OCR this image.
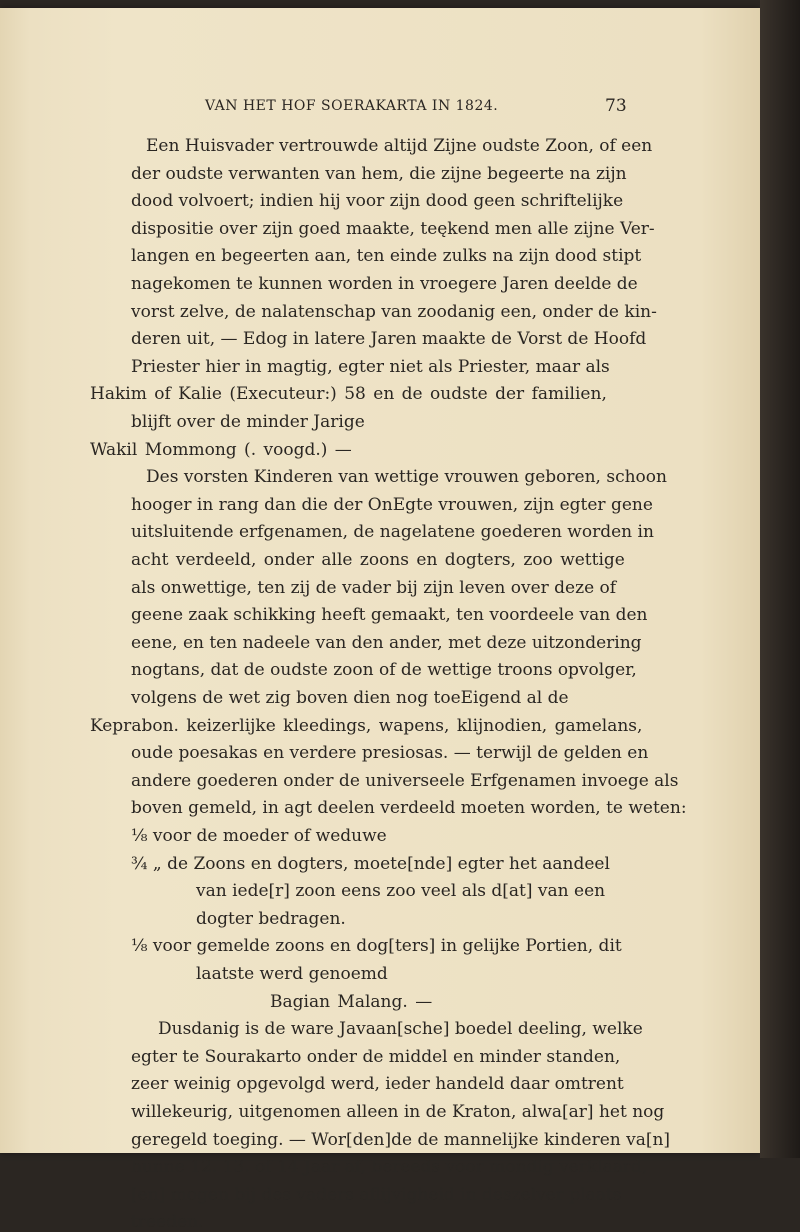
VAN HET HOF SOERAKARTA IN 1824.	73
Een Huisvader vertrouwde altijd Zijne oudste Zoon, of een
der oudste verwanten van hem, die zijne begeerte na zijn
dood volvoert; indien hij voor zijn dood geen schriftelijke
dispositie over zijn goed maakte, teękend men alle zijne Ver-
langen en begeerten aan, ten einde zulks na zijn dood stipt
nagekomen te kunnen worden in vroegere Jaren deelde de
vorst zelve, de nalatenschap van zoodanig een, onder de kin-
deren uit, — Edog in latere Jaren maakte de Vorst de Hoofd
Priester hier in magtig, egter niet als Priester, maar als
Hakim of Kalie (Executeur:) 58 en de oudste der familien,
blijft over de minder Jarige
Wakil Mommong (. voogd.) —
Des vorsten Kinderen van wettige vrouwen geboren, schoon
hooger in rang dan die der OnEgte vrouwen, zijn egter gene
uitsluitende erfgenamen, de nagelatene goederen worden in
acht verdeeld, onder alle zoons en dogters, zoo wettige
als onwettige, ten zij de vader bij zijn leven over deze of
geene zaak schikking heeft gemaakt, ten voordeele van den
eene, en ten nadeele van den ander, met deze uitzondering
nogtans, dat de oudste zoon of de wettige troons opvolger,
volgens de wet zig boven dien nog toeEigend al de
Keprabon. keizerlijke kleedings, wapens, klijnodien, gamelans,
oude poesakas en verdere presiosas. — terwijl de gelden en
andere goederen onder de universeele Erfgenamen invoege als
boven gemeld, in agt deelen verdeeld moeten worden, te weten:
⅛ voor de moeder of weduwe
¾ „ de Zoons en dogters, moete[nde] egter het aandeel
van iede[r] zoon eens zoo veel als d[at] van een
dogter bedragen.
⅛ voor gemelde zoons en dog[ters] in gelijke Portien, dit
laatste werd genoemd
Bagian Malang. —
Dusdanig is de ware Javaan[sche] boedel deeling, welke
egter te Sourakarto onder de middel en minder standen,
zeer weinig opgevolgd werd, ieder handeld daar omtrent
willekeurig, uitgenomen alleen in de Kraton, alwa[ar] het nog
geregeld toeging. — Wor[den]de de mannelijke kinderen va[n]
hunne 12. 13. of 14 Jaar af, bereeds voor mondig verklaard,
[en] mogen bij des vaders aflijvigheid in deszelver plaats
treeden.
